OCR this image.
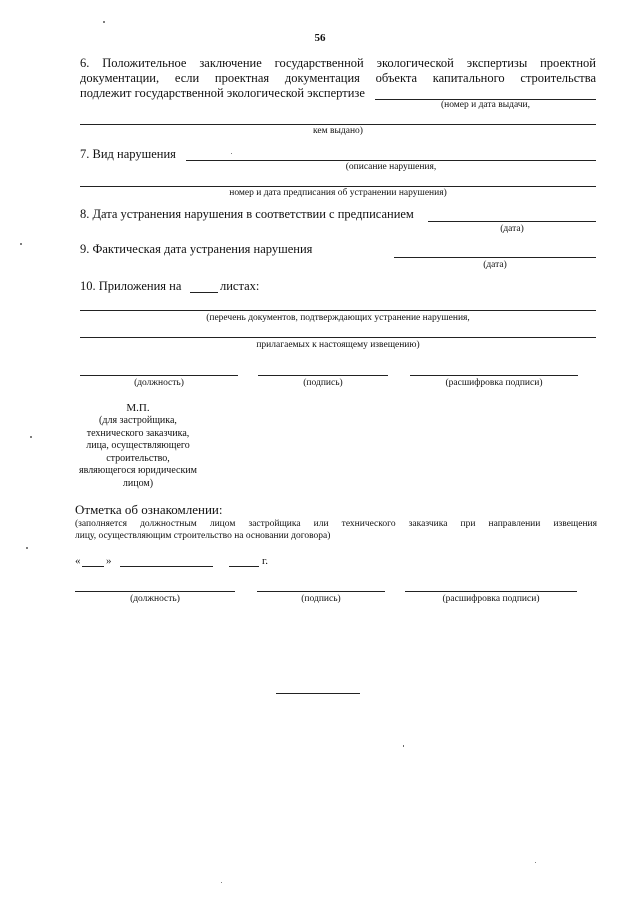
56
6. Положительное заключение государственной экологической экспертизы проектной
документации, если проектная документация объекта капитального строительства
подлежит государственной экологической экспертизе
(номер и дата выдачи,
кем выдано)
7. Вид нарушения
(описание нарушения,
номер и дата предписания об устранении нарушения)
8. Дата устранения нарушения в соответствии с предписанием
(дата)
9. Фактическая дата устранения нарушения
(дата)
10. Приложения на	листах:
(перечень документов, подтверждающих устранение нарушения,
прилагаемых к настоящему извещению)
(должность)	(подпись)	(расшифровка подписи)
М.П.
(для застройщика,
технического заказчика,
лица, осуществляющего
строительство,
являющегося юридическим
лицом)
Отметка об ознакомлении:
(заполняется должностным лицом застройщика или технического заказчика при направлении извещения
лицу, осуществляющим строительство на основании договора)
« »	г.
(должность)	(подпись)	(расшифровка подписи)
